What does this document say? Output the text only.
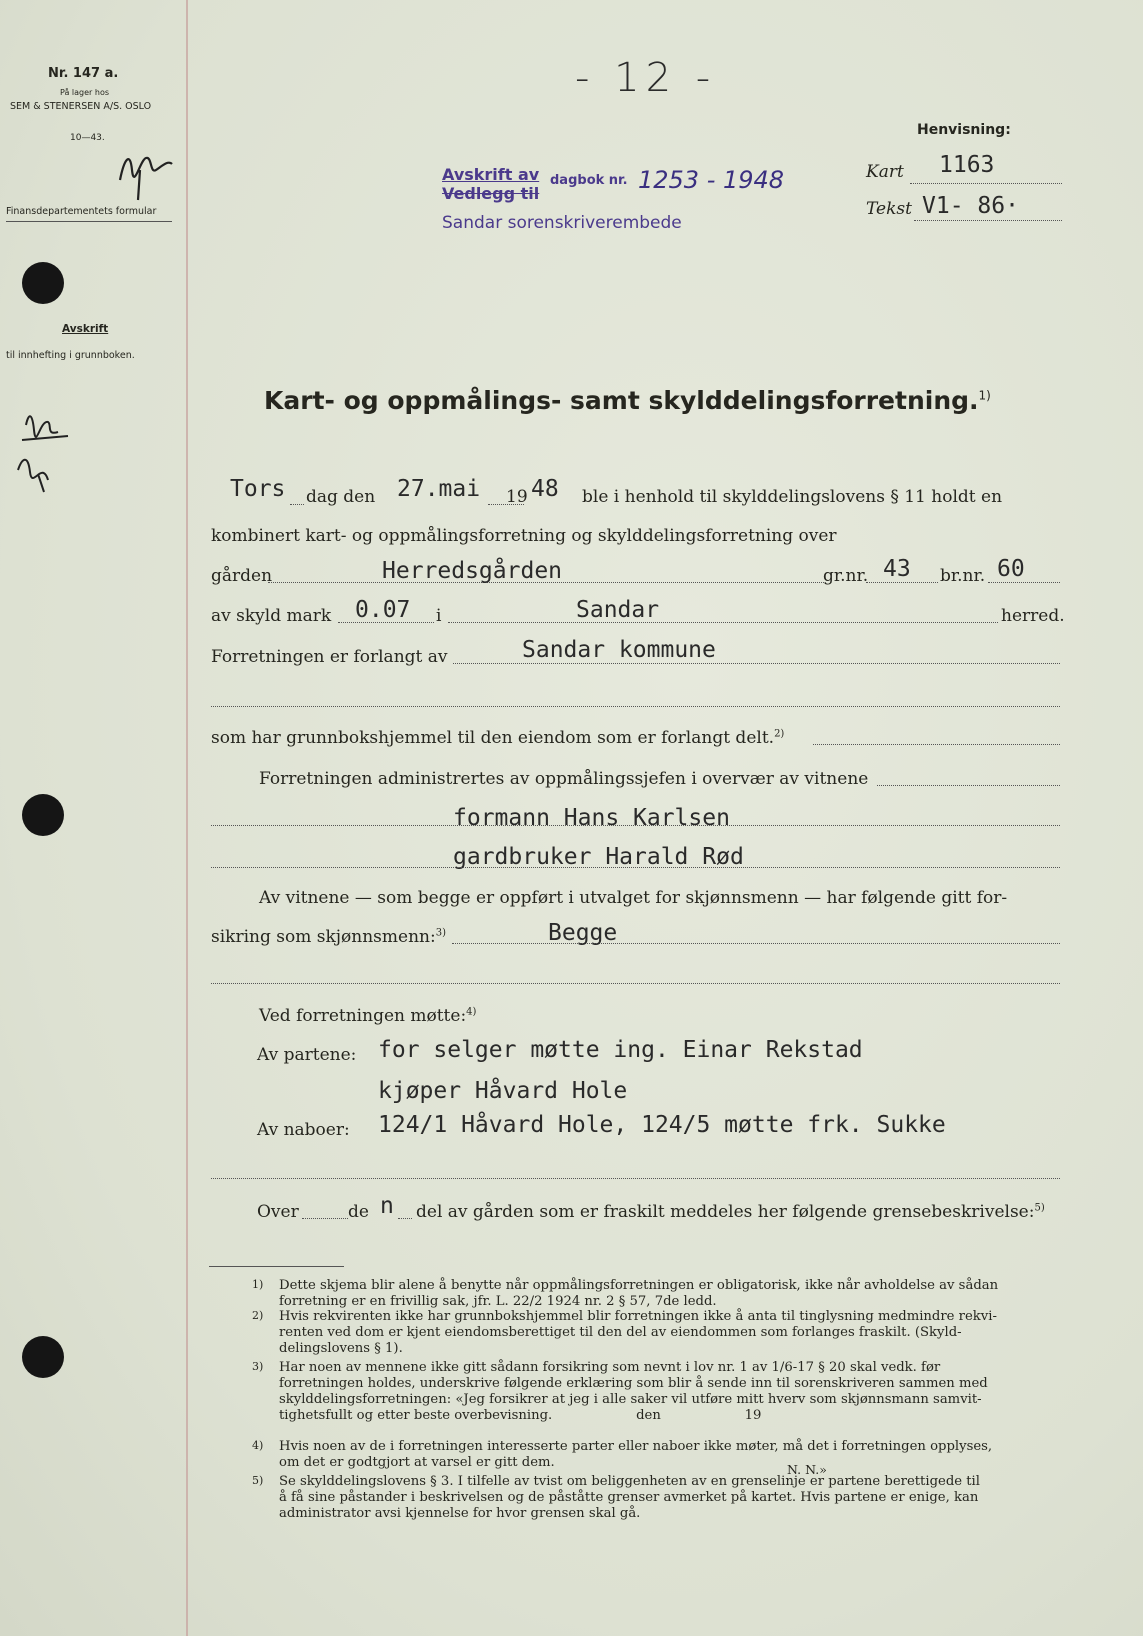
Nr. 147 a.
På lager hos
SEM & STENERSEN A/S. OSLO
10—43.
Finansdepartementets formular
Avskrift
til innhefting i grunnboken.
- 12 -
Avskrift av
Vedlegg til
dagbok nr. 1253 - 1948
Sandar sorenskriverembede
Henvisning:
Kart 1163
Tekst V1- 86·
Kart- og oppmålings- samt skylddelingsforretning.$^{1)}$
Tors dag den 27.mai 19 48 ble i henhold til skylddelingslovens § 11 holdt en
kombinert kart- og oppmålingsforretning og skylddelingsforretning over
gården	Herredsgården	gr.nr. 43 br.nr. 60
av skyld mark 0.07 i	Sandar	herred.
Forretningen er forlangt av	Sandar kommune
som har grunnbokshjemmel til den eiendom som er forlangt delt.$^{2)}$
Forretningen administrertes av oppmålingssjefen i overvær av vitnene
formann Hans Karlsen
gardbruker Harald Rød
Av vitnene — som begge er oppført i utvalget for skjønnsmenn — har følgende gitt for-
sikring som skjønnsmenn:$^{3)}$	Begge
Ved forretningen møtte:$^{4)}$
Av partene: for selger møtte ing. Einar Rekstad
kjøper Håvard Hole
Av naboer: 124/1 Håvard Hole, 124/5 møtte frk. Sukke
Over	de n del av gården som er fraskilt meddeles her følgende grensebeskrivelse:$^{5)}$
1) Dette skjema blir alene å benytte når oppmålingsforretningen er obligatorisk, ikke når avholdelse av sådan
forretning er en frivillig sak, jfr. L. 22/2 1924 nr. 2 § 57, 7de ledd.
2) Hvis rekvirenten ikke har grunnbokshjemmel blir forretningen ikke å anta til tinglysning medmindre rekvi-
renten ved dom er kjent eiendomsberettiget til den del av eiendommen som forlanges fraskilt. (Skyld-
delingslovens § 1).
3) Har noen av mennene ikke gitt sådann forsikring som nevnt i lov nr. 1 av 1/6-17 § 20 skal vedk. før
forretningen holdes, underskrive følgende erklæring som blir å sende inn til sorenskriveren sammen med
skylddelingsforretningen: «Jeg forsikrer at jeg i alle saker vil utføre mitt hverv som skjønnsmann samvit-
tighetsfullt og etter beste overbevisning.                    den                    19
4) Hvis noen av de i forretningen interesserte parter eller naboer ikke møter, må det i forretningen opplyses,
om det er godtgjort at varsel er gitt dem.
5) Se skylddelingslovens § 3. I tilfelle av tvist om beliggenheten av en grenselinje er partene berettigede til
å få sine påstander i beskrivelsen og de påståtte grenser avmerket på kartet. Hvis partene er enige, kan
administrator avsi kjennelse for hvor grensen skal gå.
N. N.»
